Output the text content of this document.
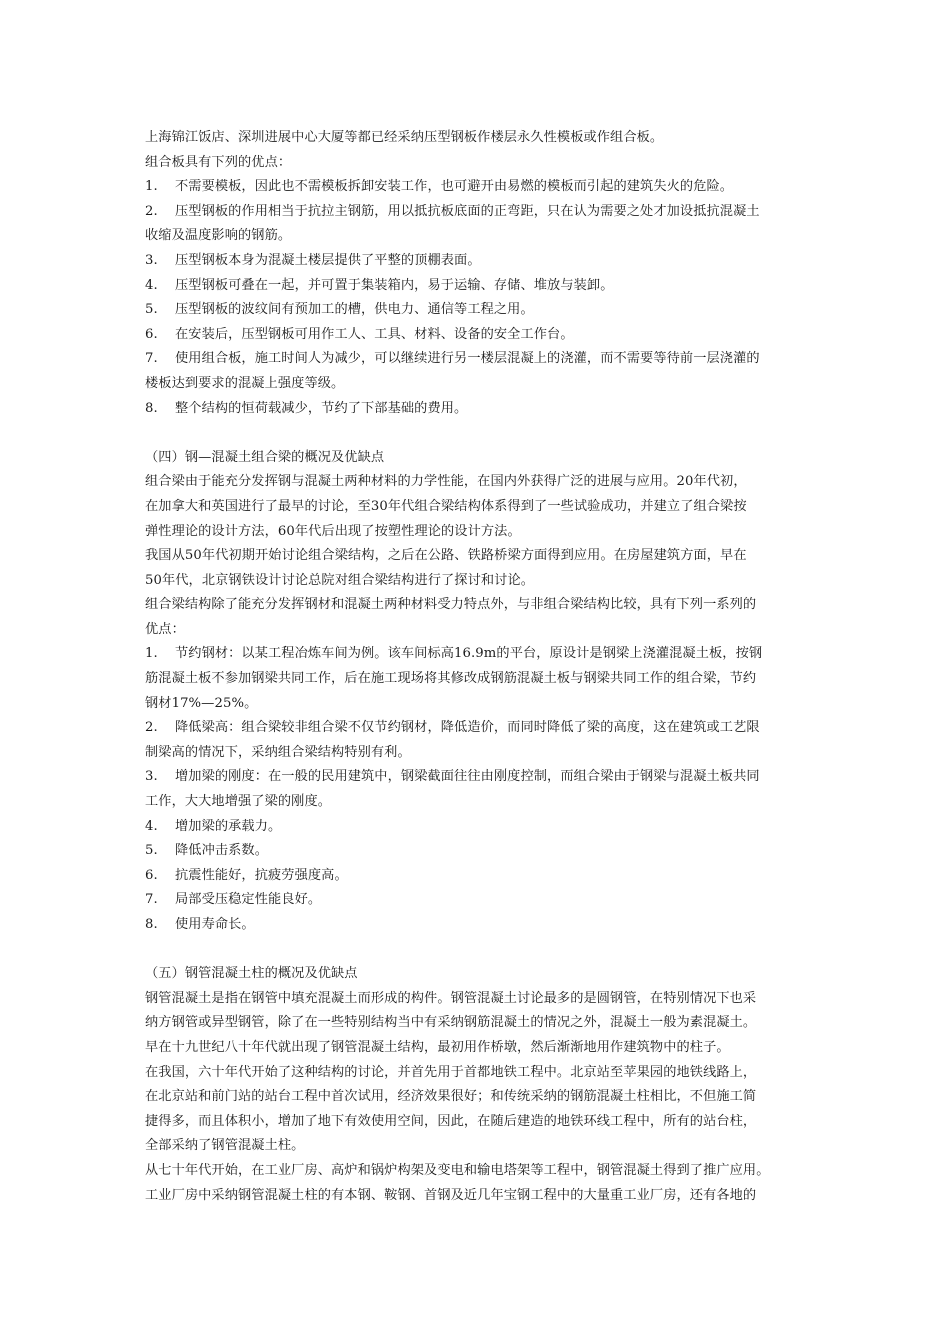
上海锦江饭店、深圳进展中心大厦等都已经采纳压型钢板作楼层永久性模板或作组合板。
组合板具有下列的优点：
1.	不需要模板，因此也不需模板拆卸安装工作，也可避开由易燃的模板而引起的建筑失火的危险。
2.	压型钢板的作用相当于抗拉主钢筋，用以抵抗板底面的正弯距，只在认为需要之处才加设抵抗混凝土
收缩及温度影响的钢筋。
3.	压型钢板本身为混凝土楼层提供了平整的顶棚表面。
4.	压型钢板可叠在一起，并可置于集装箱内，易于运输、存储、堆放与装卸。
5.	压型钢板的波纹间有预加工的槽，供电力、通信等工程之用。
6.	在安装后，压型钢板可用作工人、工具、材料、设备的安全工作台。
7.	使用组合板，施工时间人为减少，可以继续进行另一楼层混凝上的浇灌，而不需要等待前一层浇灌的
楼板达到要求的混凝上强度等级。
8.	整个结构的恒荷载减少，节约了下部基础的费用。
（四）钢—混凝土组合梁的概况及优缺点
组合梁由于能充分发挥钢与混凝土两种材料的力学性能，在国内外获得广泛的进展与应用。20年代初，
在加拿大和英国进行了最早的讨论，至30年代组合梁结构体系得到了一些试验成功，并建立了组合梁按
弹性理论的设计方法，60年代后出现了按塑性理论的设计方法。
我国从50年代初期开始讨论组合梁结构，之后在公路、铁路桥梁方面得到应用。在房屋建筑方面，早在
50年代，北京钢铁设计讨论总院对组合梁结构进行了探讨和讨论。
组合梁结构除了能充分发挥钢材和混凝土两种材料受力特点外，与非组合梁结构比较，具有下列一系列的
优点：
1.	节约钢材：以某工程冶炼车间为例。该车间标高16.9m的平台，原设计是钢梁上浇灌混凝土板，按钢
筋混凝土板不参加钢梁共同工作，后在施工现场将其修改成钢筋混凝土板与钢梁共同工作的组合梁，节约
钢材17%—25%。
2.	降低梁高：组合梁较非组合梁不仅节约钢材，降低造价，而同时降低了梁的高度，这在建筑或工艺限
制梁高的情况下，采纳组合梁结构特别有利。
3.	增加梁的刚度：在一般的民用建筑中，钢梁截面往往由刚度控制，而组合梁由于钢梁与混凝土板共同
工作，大大地增强了梁的刚度。
4.	增加梁的承载力。
5.	降低冲击系数。
6.	抗震性能好，抗疲劳强度高。
7.	局部受压稳定性能良好。
8.	使用寿命长。
（五）钢管混凝土柱的概况及优缺点
钢管混凝土是指在钢管中填充混凝土而形成的构件。钢管混凝土讨论最多的是圆钢管，在特别情况下也采
纳方钢管或异型钢管，除了在一些特别结构当中有采纳钢筋混凝土的情况之外，混凝土一般为素混凝土。
早在十九世纪八十年代就出现了钢管混凝土结构，最初用作桥墩，然后渐渐地用作建筑物中的柱子。
在我国，六十年代开始了这种结构的讨论，并首先用于首都地铁工程中。北京站至苹果园的地铁线路上，
在北京站和前门站的站台工程中首次试用，经济效果很好；和传统采纳的钢筋混凝土柱相比，不但施工简
捷得多，而且体积小，增加了地下有效使用空间，因此，在随后建造的地铁环线工程中，所有的站台柱，
全部采纳了钢管混凝土柱。
从七十年代开始，在工业厂房、高炉和锅炉构架及变电和输电塔架等工程中，钢管混凝土得到了推广应用。
工业厂房中采纳钢管混凝土柱的有本钢、鞍钢、首钢及近几年宝钢工程中的大量重工业厂房，还有各地的
